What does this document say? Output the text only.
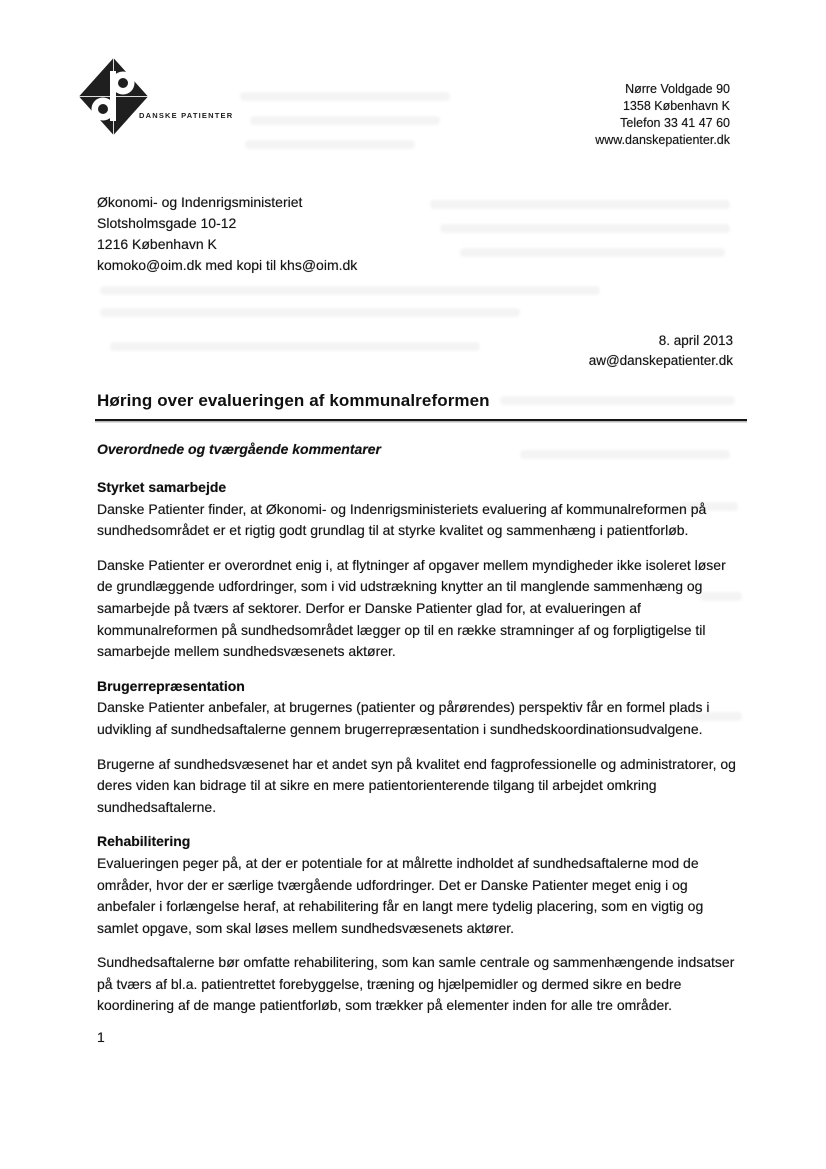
DANSKE PATIENTER
Nørre Voldgade 90
1358 København K
Telefon 33 41 47 60
www.danskepatienter.dk
Økonomi- og Indenrigsministeriet
Slotsholmsgade 10-12
1216 København K
komoko@oim.dk med kopi til khs@oim.dk
8. april 2013
aw@danskepatienter.dk
Høring over evalueringen af kommunalreformen
Overordnede og tværgående kommentarer
Styrket samarbejde

Danske Patienter finder, at Økonomi- og Indenrigsministeriets evaluering af kommunalreformen på sundhedsområdet er et rigtig godt grundlag til at styrke kvalitet og sammenhæng i patientforløb.

Danske Patienter er overordnet enig i, at flytninger af opgaver mellem myndigheder ikke isoleret løser de grundlæggende udfordringer, som i vid udstrækning knytter an til manglende sammenhæng og samarbejde på tværs af sektorer. Derfor er Danske Patienter glad for, at evalueringen af kommunalreformen på sundhedsområdet lægger op til en række stramninger af og forpligtigelse til samarbejde mellem sundhedsvæsenets aktører.

Brugerrepræsentation

Danske Patienter anbefaler, at brugernes (patienter og pårørendes) perspektiv får en formel plads i udvikling af sundhedsaftalerne gennem brugerrepræsentation i sundhedskoordinationsudvalgene.

Brugerne af sundhedsvæsenet har et andet syn på kvalitet end fagprofessionelle og administratorer, og deres viden kan bidrage til at sikre en mere patientorienterende tilgang til arbejdet omkring sundhedsaftalerne.

Rehabilitering

Evalueringen peger på, at der er potentiale for at målrette indholdet af sundhedsaftalerne mod de områder, hvor der er særlige tværgående udfordringer. Det er Danske Patienter meget enig i og anbefaler i forlængelse heraf, at rehabilitering får en langt mere tydelig placering, som en vigtig og samlet opgave, som skal løses mellem sundhedsvæsenets aktører.

Sundhedsaftalerne bør omfatte rehabilitering, som kan samle centrale og sammenhængende indsatser på tværs af bl.a. patientrettet forebyggelse, træning og hjælpemidler og dermed sikre en bedre koordinering af de mange patientforløb, som trækker på elementer inden for alle tre områder.

1
